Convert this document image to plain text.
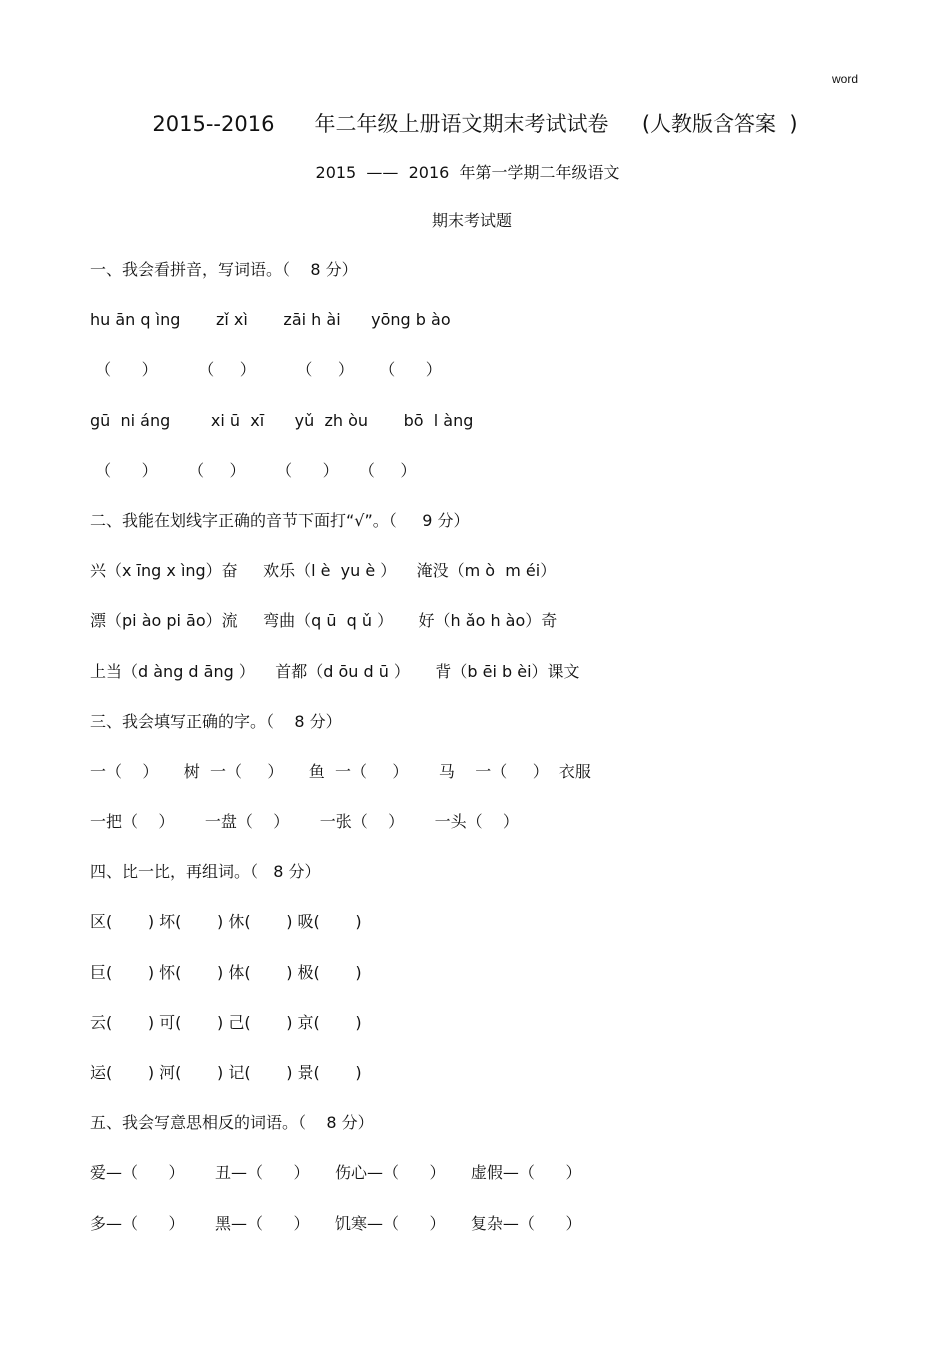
word
2015--2016      年二年级上册语文期末考试试卷     (人教版含答案  )
2015  ——  2016  年第一学期二年级语文
期末考试题
一、我会看拼音，写词语。（    8 分）
hu ān q ìng       zǐ xì       zāi h ài      yōng b ào
（      ）        （     ）        （     ）     （      ）
gū  ni áng        xi ū  xī      yǔ  zh òu       bō  l àng
（      ）      （     ）      （      ）    （     ）
二、我能在划线字正确的音节下面打“√”。（     9 分）
兴（x īng x ìng）奋     欢乐（l è  yu è ）    淹没（m ò  m éi）
漂（pi ào pi āo）流     弯曲（q ū  q ǔ ）     好（h ǎo h ào）奇
上当（d àng d āng ）    首都（d ōu d ū ）     背（b ēi b èi）课文
三、我会填写正确的字。（    8 分）
一（    ）     树  一（     ）     鱼  一（     ）      马    一（     ）  衣服
一把（    ）      一盘（    ）      一张（    ）      一头（    ）
四、比一比，再组词。（   8 分）
区(       ) 坏(       ) 休(       ) 吸(       )
巨(       ) 怀(       ) 体(       ) 极(       )
云(       ) 可(       ) 己(       ) 京(       )
运(       ) 河(       ) 记(       ) 景(       )
五、我会写意思相反的词语。（    8 分）
爱—（      ）      丑—（      ）     伤心—（      ）     虚假—（      ）
多—（      ）      黑—（      ）     饥寒—（      ）     复杂—（      ）
